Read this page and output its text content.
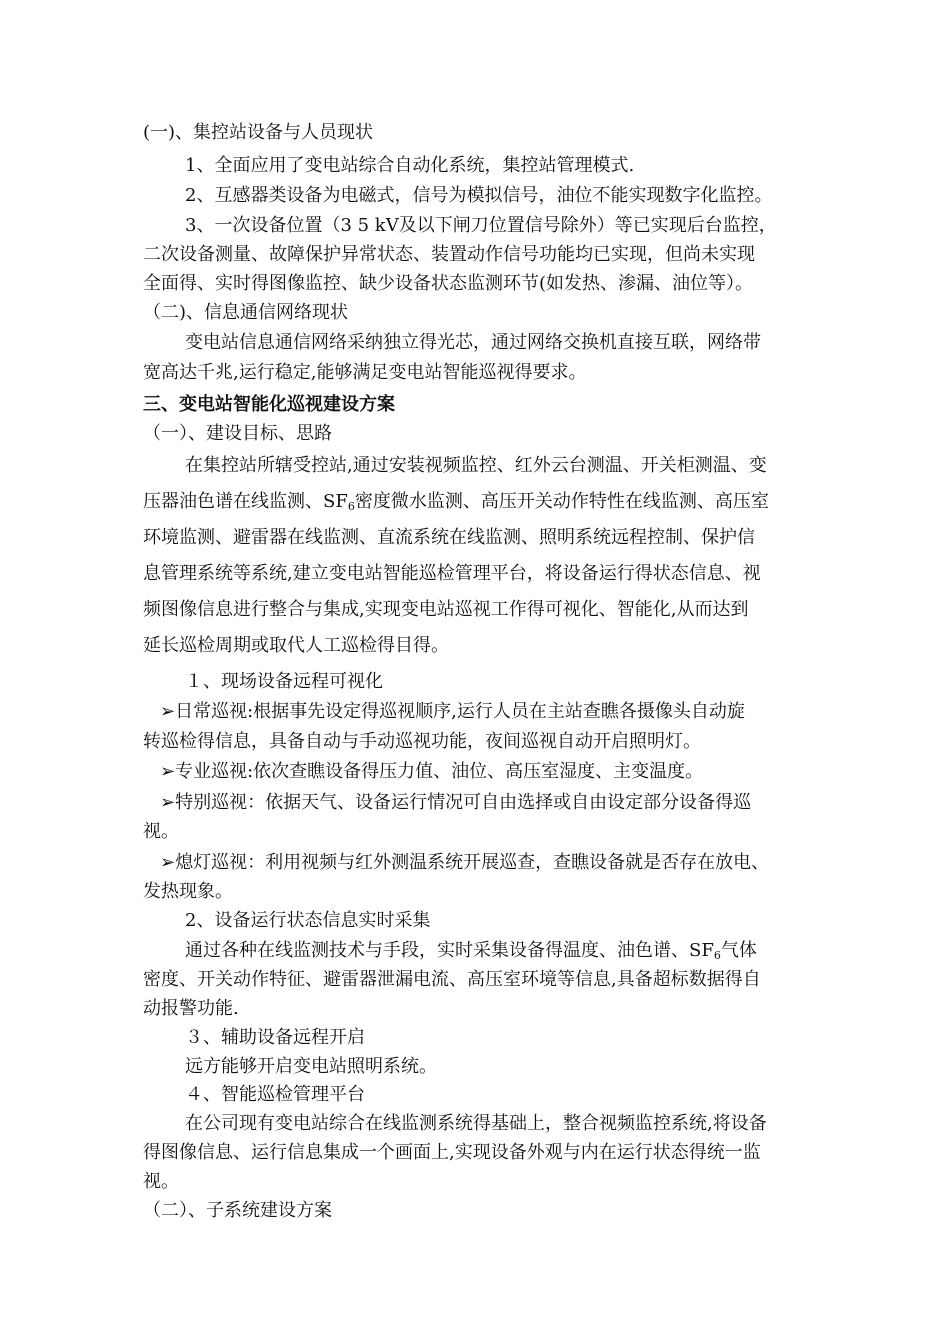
(一)、集控站设备与人员现状
1、全面应用了变电站综合自动化系统，集控站管理模式.
2、互感器类设备为电磁式，信号为模拟信号，油位不能实现数字化监控。
3、一次设备位置（3 5 kV及以下闸刀位置信号除外）等已实现后台监控，
二次设备测量、故障保护异常状态、装置动作信号功能均已实现，但尚未实现
全面得、实时得图像监控、缺少设备状态监测环节(如发热、渗漏、油位等）。
（二)、信息通信网络现状
变电站信息通信网络采纳独立得光芯，通过网络交换机直接互联，网络带
宽高达千兆,运行稳定,能够满足变电站智能巡视得要求。
三、变电站智能化巡视建设方案
（一）、建设目标、思路
在集控站所辖受控站,通过安装视频监控、红外云台测温、开关柜测温、变
压器油色谱在线监测、$SF_6$密度微水监测、高压开关动作特性在线监测、高压室
环境监测、避雷器在线监测、直流系统在线监测、照明系统远程控制、保护信
息管理系统等系统,建立变电站智能巡检管理平台，将设备运行得状态信息、视
频图像信息进行整合与集成,实现变电站巡视工作得可视化、智能化,从而达到
延长巡检周期或取代人工巡检得目得。
１、现场设备远程可视化
➢日常巡视:根据事先设定得巡视顺序,运行人员在主站查瞧各摄像头自动旋
转巡检得信息，具备自动与手动巡视功能，夜间巡视自动开启照明灯。
➢专业巡视:依次查瞧设备得压力值、油位、高压室湿度、主变温度。
➢特别巡视：依据天气、设备运行情况可自由选择或自由设定部分设备得巡
视。
➢熄灯巡视：利用视频与红外测温系统开展巡查，查瞧设备就是否存在放电、
发热现象。
2、设备运行状态信息实时采集
通过各种在线监测技术与手段，实时采集设备得温度、油色谱、$SF_6$气体
密度、开关动作特征、避雷器泄漏电流、高压室环境等信息,具备超标数据得自
动报警功能.
３、辅助设备远程开启
远方能够开启变电站照明系统。
４、智能巡检管理平台
在公司现有变电站综合在线监测系统得基础上，整合视频监控系统,将设备
得图像信息、运行信息集成一个画面上,实现设备外观与内在运行状态得统一监
视。
（二）、子系统建设方案
